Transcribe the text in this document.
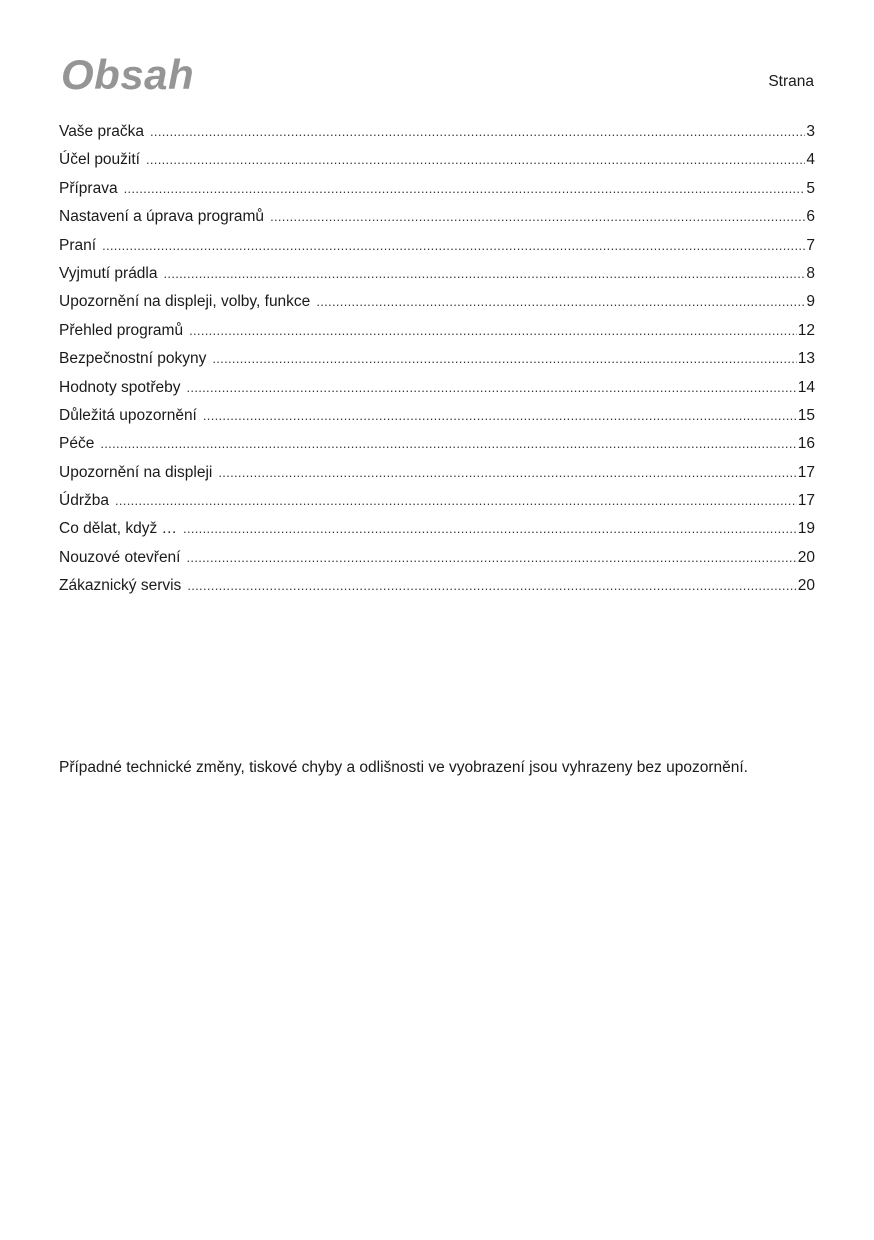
Obsah	Strana
Vaše pračka .....	3
Účel použití .....	4
Příprava .....	5
Nastavení a úprava programů .....	6
Praní .....	7
Vyjmutí prádla .....	8
Upozornění na displeji, volby, funkce .....	9
Přehled programů .....	12
Bezpečnostní pokyny .....	13
Hodnoty spotřeby .....	14
Důležitá upozornění .....	15
Péče .....	16
Upozornění na displeji .....	17
Údržba .....	17
Co dělat, když … .....	19
Nouzové otevření .....	20
Zákaznický servis .....	20
Případné technické změny, tiskové chyby a odlišnosti ve vyobrazení jsou vyhrazeny bez upozornění.
